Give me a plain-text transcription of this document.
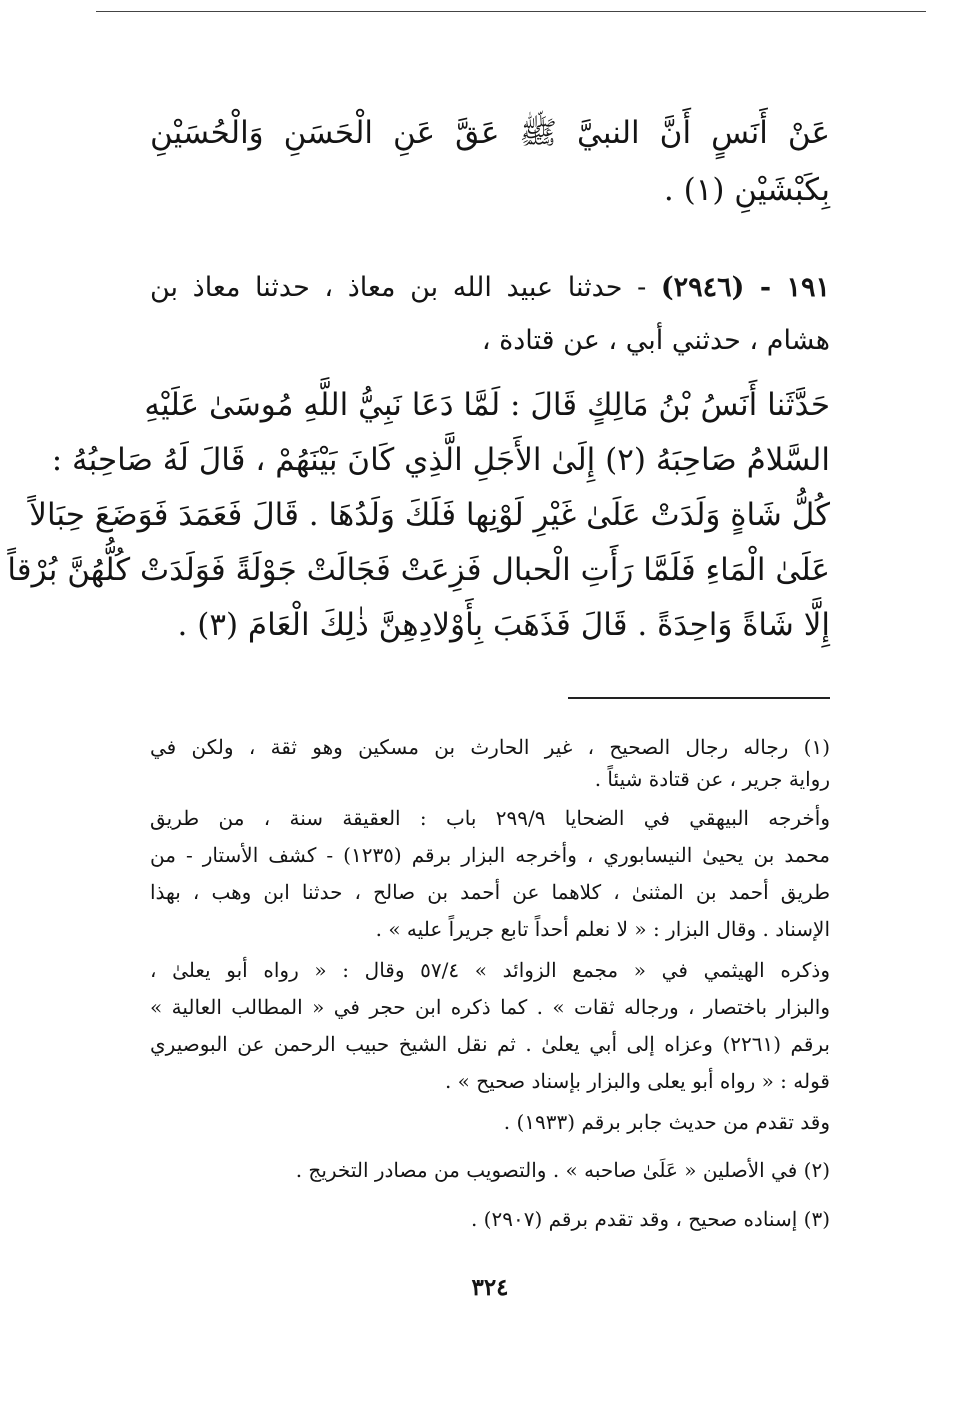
عَنْ أَنَسٍ أَنَّ النبيَّ ﷺ عَقَّ عَنِ الْحَسَنِ وَالْحُسَيْنِ
بِكَبْشَيْنِ (١) .
١٩١ - (٢٩٤٦) - حدثنا عبيد الله بن معاذ ، حدثنا معاذ بن
هشام ، حدثني أبي ، عن قتادة ،
حَدَّثَنا أَنَسُ بْنُ مَالِكٍ قَالَ : لَمَّا دَعَا نَبِيُّ اللَّهِ مُوسَىٰ عَلَيْهِ
السَّلامُ صَاحِبَهُ (٢) إِلَىٰ الأَجَلِ الَّذِي كَانَ بَيْنَهُمْ ، قَالَ لَهُ صَاحِبُهُ :
كُلُّ شَاةٍ وَلَدَتْ عَلَىٰ غَيْرِ لَوْنِها فَلَكَ وَلَدُهَا . قَالَ فَعَمَدَ فَوَضَعَ حِبَالاً
عَلَىٰ الْمَاءِ فَلَمَّا رَأَتِ الْحبال فَزِعَتْ فَجَالَتْ جَوْلَةً فَوَلَدَتْ كُلُّهُنَّ بُرْقاً
إِلَّا شَاةً وَاحِدَةً . قَالَ فَذَهَبَ بِأَوْلادِهِنَّ ذٰلِكَ الْعَامَ (٣) .
(١) رجاله رجال الصحيح ، غير الحارث بن مسكين وهو ثقة ، ولكن في
رواية جرير ، عن قتادة شيئاً .
وأخرجه البيهقي في الضحايا ٢٩٩/٩ باب : العقيقة سنة ، من طريق
محمد بن يحيىٰ النيسابوري ، وأخرجه البزار برقم (١٢٣٥) - كشف الأستار - من
طريق أحمد بن المثنىٰ ، كلاهما عن أحمد بن صالح ، حدثنا ابن وهب ، بهذا
الإسناد . وقال البزار : « لا نعلم أحداً تابع جريراً عليه » .
وذكره الهيثمي في « مجمع الزوائد » ٥٧/٤ وقال : « رواه أبو يعلىٰ ،
والبزار باختصار ، ورجاله ثقات » . كما ذكره ابن حجر في « المطالب العالية »
برقم (٢٢٦١) وعزاه إلى أبي يعلىٰ . ثم نقل الشيخ حبيب الرحمن عن البوصيري
قوله : « رواه أبو يعلى والبزار بإسناد صحيح » .
وقد تقدم من حديث جابر برقم (١٩٣٣) .
(٢) في الأصلين « عَلَىٰ صاحبه » . والتصويب من مصادر التخريج .
(٣) إسناده صحيح ، وقد تقدم برقم (٢٩٠٧) .
٣٢٤
